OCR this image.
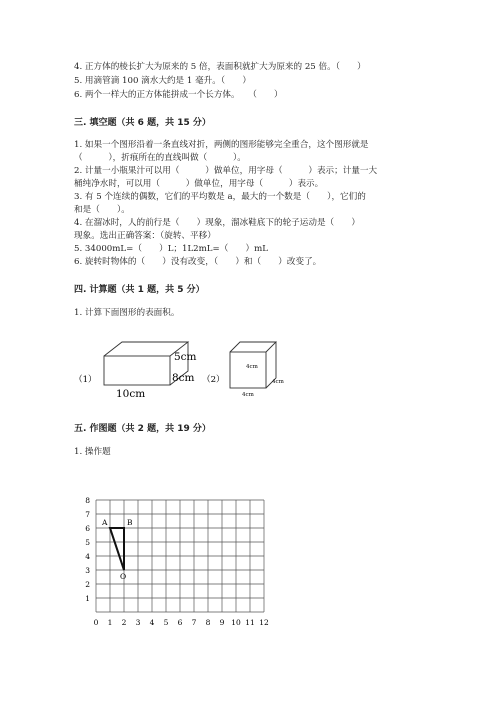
4. 正方体的棱长扩大为原来的 5 倍，表面积就扩大为原来的 25 倍。（　　）
5. 用滴管滴 100 滴水大约是 1 毫升。（　　）
6. 两个一样大的正方体能拼成一个长方体。　　（　　）
三. 填空题（共 6 题，共 15 分）
1. 如果一个图形沿着一条直线对折，两侧的图形能够完全重合，这个图形就是
（　　　），折痕所在的直线叫做（　　　）。
2. 计量一小瓶果汁可以用（　　　）做单位，用字母（　　　）表示；计量一大
桶纯净水时，可以用（　　　）做单位，用字母（　　　）表示。
3. 有 5 个连续的偶数，它们的平均数是 a，最大的一个数是（　　），它们的
和是（　　）。
4. 在溜冰时，人的前行是（　　）现象，溜冰鞋底下的轮子运动是（　　）
现象。选出正确答案：（旋转、平移）
5. 34000mL=（　　）L；1L2mL=（　　）mL
6. 旋转时物体的（　　）没有改变，（　　）和（　　）改变了。
四. 计算题（共 1 题，共 5 分）
1. 计算下面图形的表面积。
（1）
5cm
8cm
10cm
（2）
4cm
4cm
4cm
五. 作图题（共 2 题，共 19 分）
1. 操作题
0 1 2 3 4 5 6 7 8 9 10 11 12
1
2
3
4
5
6
7
8
A	B
O
